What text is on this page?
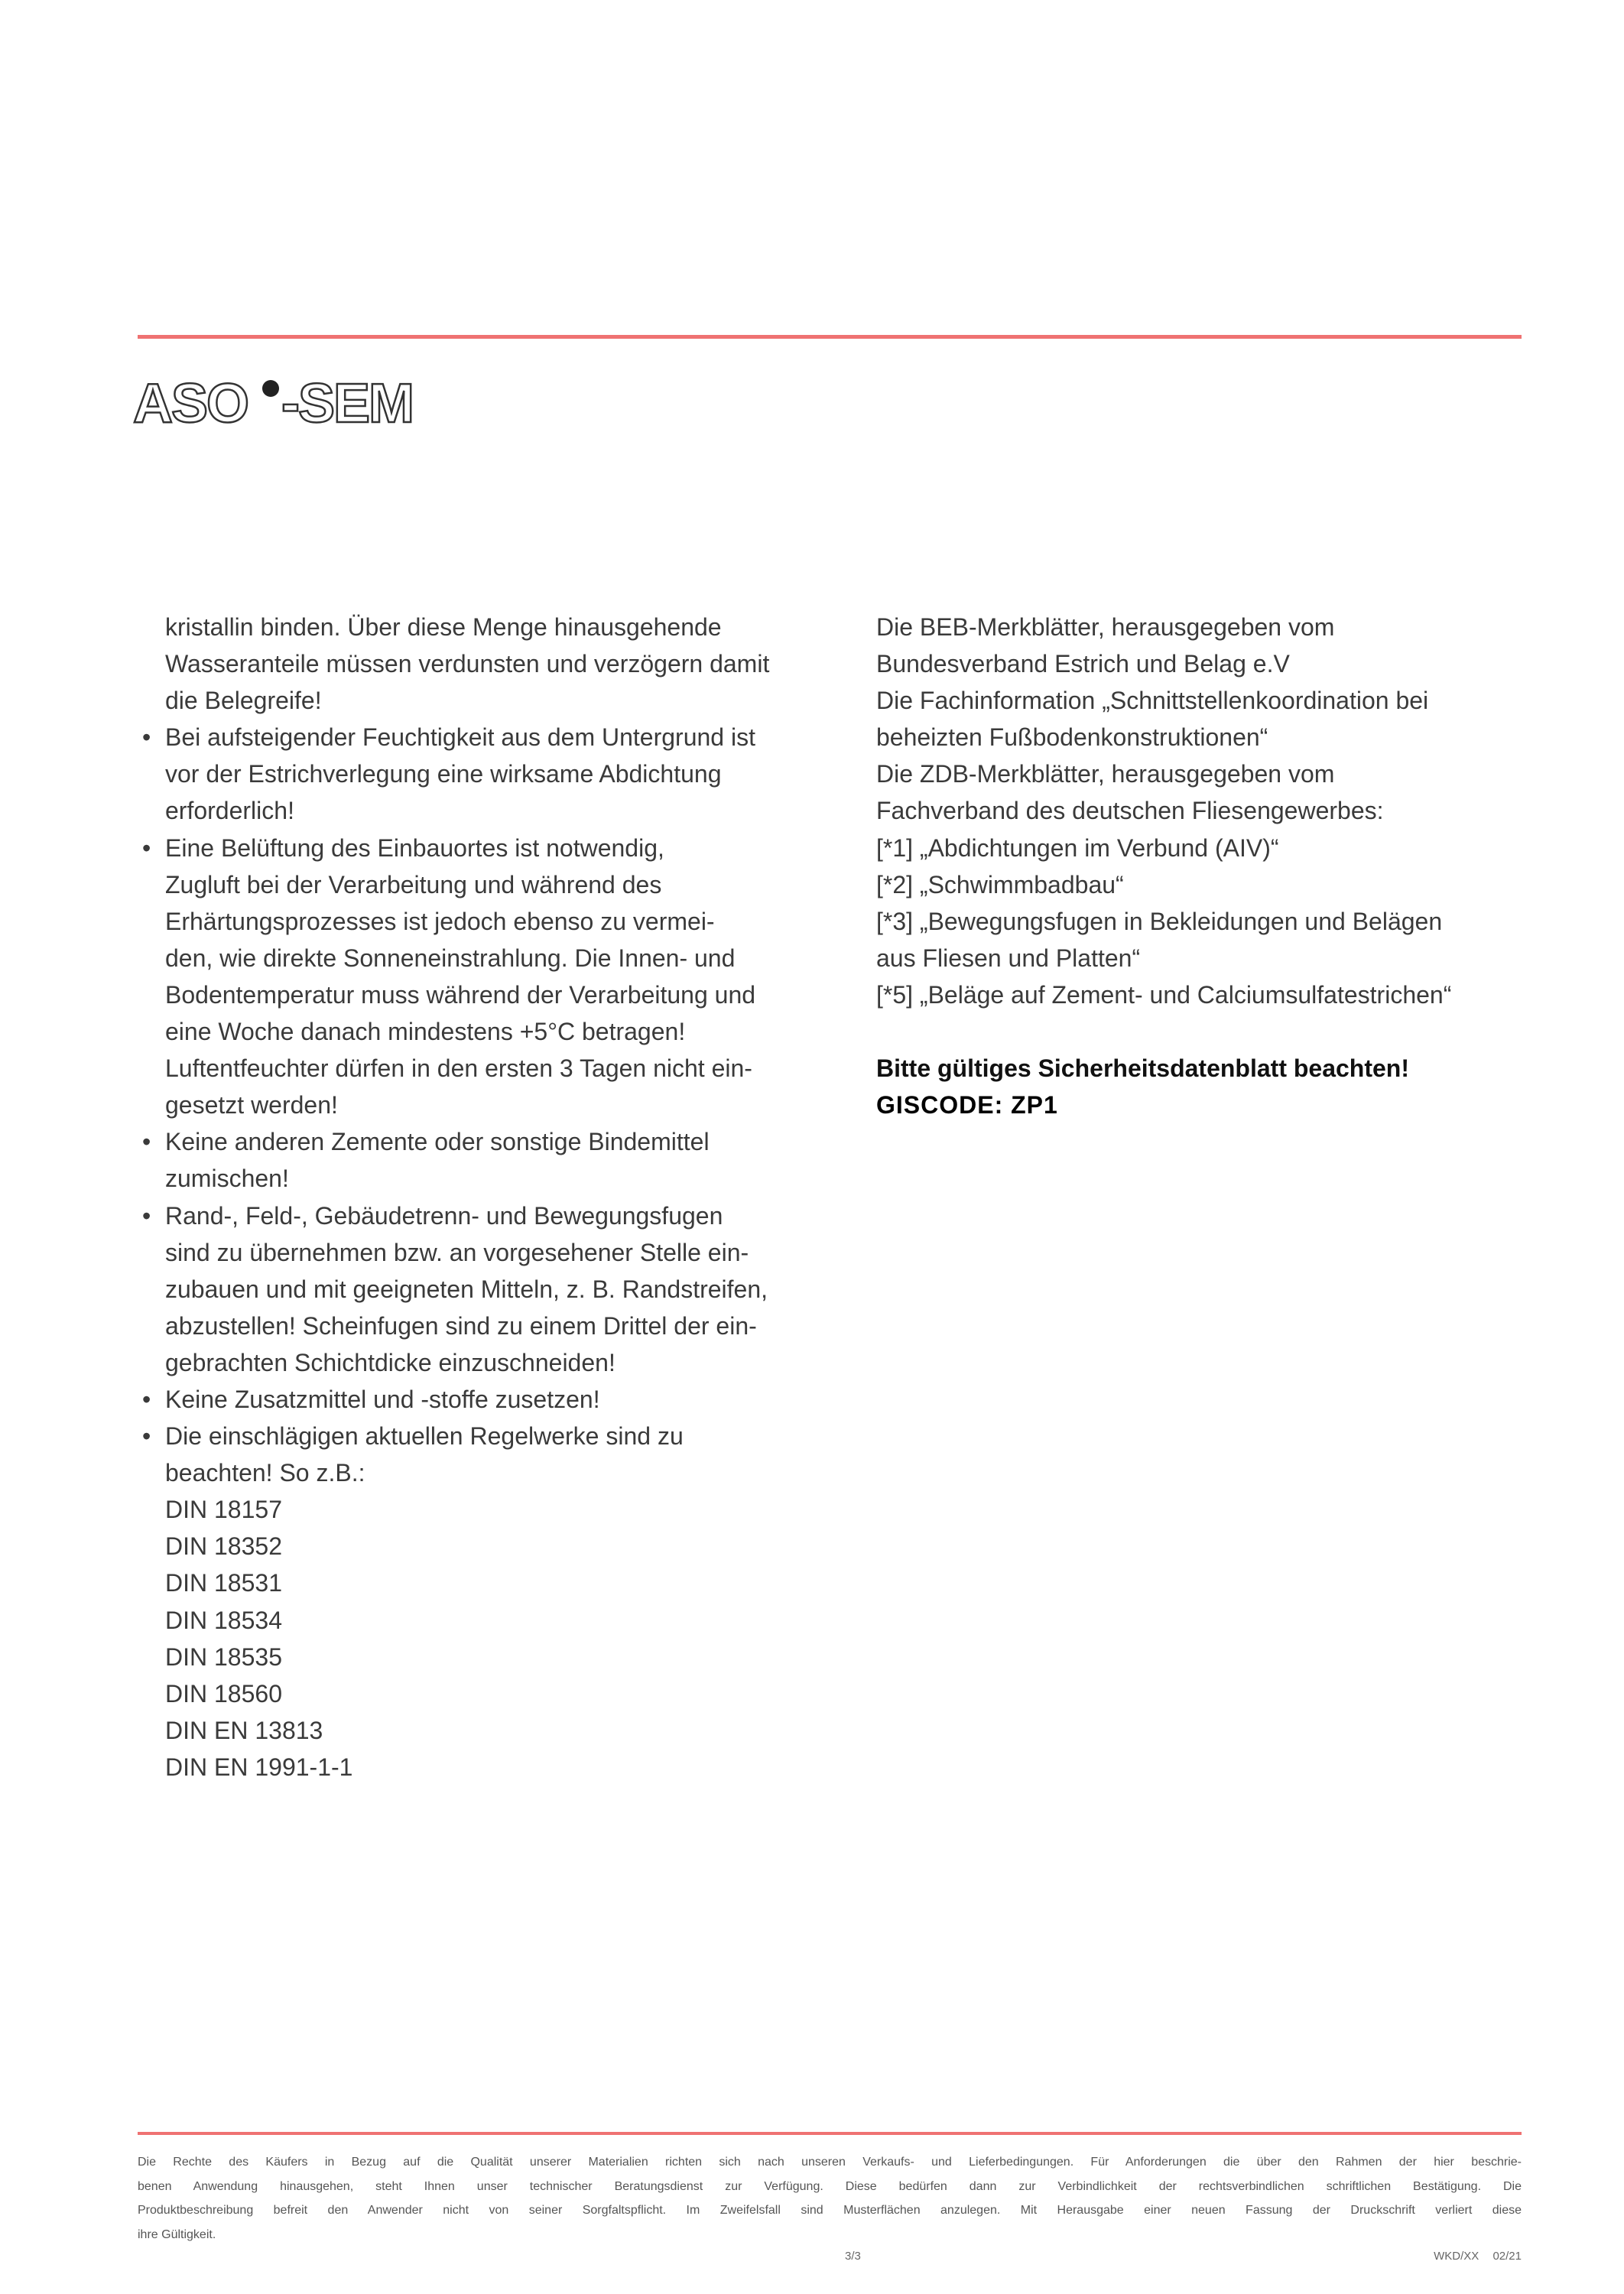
ASO -SEM
kristallin binden. Über diese Menge hinausgehende
Wasseranteile müssen verdunsten und verzögern damit
die Belegreife!
• Bei aufsteigender Feuchtigkeit aus dem Untergrund ist
vor der Estrichverlegung eine wirksame Abdichtung
erforderlich!
• Eine Belüftung des Einbauortes ist notwendig,
Zugluft bei der Verarbeitung und während des
Erhärtungsprozesses ist jedoch ebenso zu vermei-
den, wie direkte Sonneneinstrahlung. Die Innen- und
Bodentemperatur muss während der Verarbeitung und
eine Woche danach mindestens +5°C betragen!
Luftentfeuchter dürfen in den ersten 3 Tagen nicht ein-
gesetzt werden!
• Keine anderen Zemente oder sonstige Bindemittel
zumischen!
• Rand-, Feld-, Gebäudetrenn- und Bewegungsfugen
sind zu übernehmen bzw. an vorgesehener Stelle ein-
zubauen und mit geeigneten Mitteln, z. B. Randstreifen,
abzustellen! Scheinfugen sind zu einem Drittel der ein-
gebrachten Schichtdicke einzuschneiden!
• Keine Zusatzmittel und -stoffe zusetzen!
• Die einschlägigen aktuellen Regelwerke sind zu
beachten! So z.B.:
DIN 18157
DIN 18352
DIN 18531
DIN 18534
DIN 18535
DIN 18560
DIN EN 13813
DIN EN 1991-1-1
Die BEB-Merkblätter, herausgegeben vom
Bundesverband Estrich und Belag e.V
Die Fachinformation „Schnittstellenkoordination bei
beheizten Fußbodenkonstruktionen“
Die ZDB-Merkblätter, herausgegeben vom
Fachverband des deutschen Fliesengewerbes:
[*1] „Abdichtungen im Verbund (AIV)“
[*2] „Schwimmbadbau“
[*3] „Bewegungsfugen in Bekleidungen und Belägen
aus Fliesen und Platten“
[*5] „Beläge auf Zement- und Calciumsulfatestrichen“
Bitte gültiges Sicherheitsdatenblatt beachten!
GISCODE: ZP1
Die Rechte des Käufers in Bezug auf die Qualität unserer Materialien richten sich nach unseren Verkaufs- und Lieferbedingungen. Für Anforderungen die über den Rahmen der hier beschrie-
benen Anwendung hinausgehen, steht Ihnen unser technischer Beratungsdienst zur Verfügung. Diese bedürfen dann zur Verbindlichkeit der rechtsverbindlichen schriftlichen Bestätigung. Die
Produktbeschreibung befreit den Anwender nicht von seiner Sorgfaltspflicht. Im Zweifelsfall sind Musterflächen anzulegen. Mit Herausgabe einer neuen Fassung der Druckschrift verliert diese
ihre Gültigkeit.
3/3	WKD/XX 02/21
